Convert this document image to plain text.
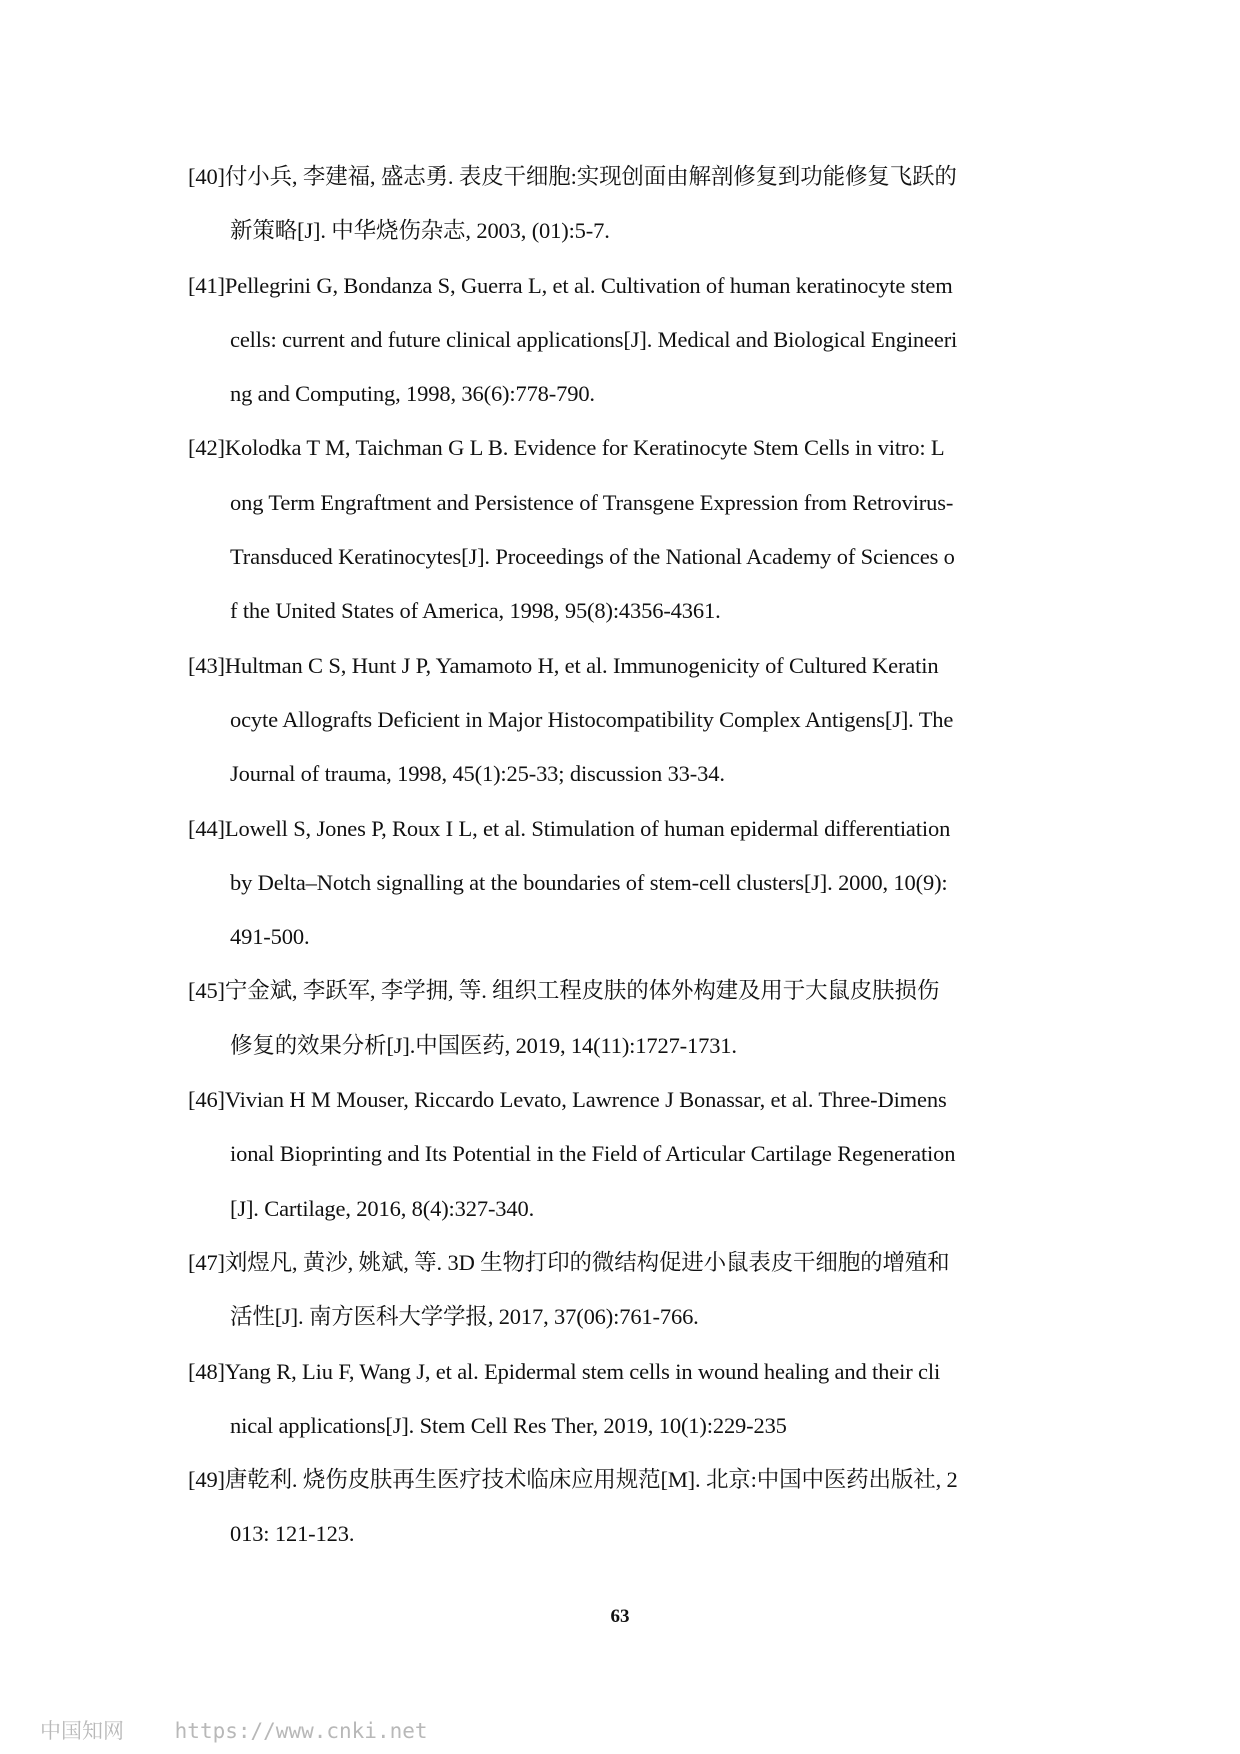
[40]付小兵, 李建福, 盛志勇. 表皮干细胞:实现创面由解剖修复到功能修复飞跃的
新策略[J]. 中华烧伤杂志, 2003, (01):5-7.
[41]Pellegrini G, Bondanza S, Guerra L, et al. Cultivation of human keratinocyte stem
cells: current and future clinical applications[J]. Medical and Biological Engineeri
ng and Computing, 1998, 36(6):778-790.
[42]Kolodka T M, Taichman G L B. Evidence for Keratinocyte Stem Cells in vitro: L
ong Term Engraftment and Persistence of Transgene Expression from Retrovirus-
Transduced Keratinocytes[J]. Proceedings of the National Academy of Sciences o
f the United States of America, 1998, 95(8):4356-4361.
[43]Hultman C S, Hunt J P, Yamamoto H, et al. Immunogenicity of Cultured Keratin
ocyte Allografts Deficient in Major Histocompatibility Complex Antigens[J]. The
Journal of trauma, 1998, 45(1):25-33; discussion 33-34.
[44]Lowell S, Jones P, Roux I L, et al. Stimulation of human epidermal differentiation
by Delta–Notch signalling at the boundaries of stem-cell clusters[J]. 2000, 10(9):
491-500.
[45]宁金斌, 李跃军, 李学拥, 等. 组织工程皮肤的体外构建及用于大鼠皮肤损伤
修复的效果分析[J].中国医药, 2019, 14(11):1727-1731.
[46]Vivian H M Mouser, Riccardo Levato, Lawrence J Bonassar, et al. Three-Dimens
ional Bioprinting and Its Potential in the Field of Articular Cartilage Regeneration
[J]. Cartilage, 2016, 8(4):327-340.
[47]刘煜凡, 黄沙, 姚斌, 等. 3D 生物打印的微结构促进小鼠表皮干细胞的增殖和
活性[J]. 南方医科大学学报, 2017, 37(06):761-766.
[48]Yang R, Liu F, Wang J, et al. Epidermal stem cells in wound healing and their cli
nical applications[J]. Stem Cell Res Ther, 2019, 10(1):229-235
[49]唐乾利. 烧伤皮肤再生医疗技术临床应用规范[M]. 北京:中国中医药出版社, 2
013: 121-123.
63
中国知网 https://www.cnki.net
